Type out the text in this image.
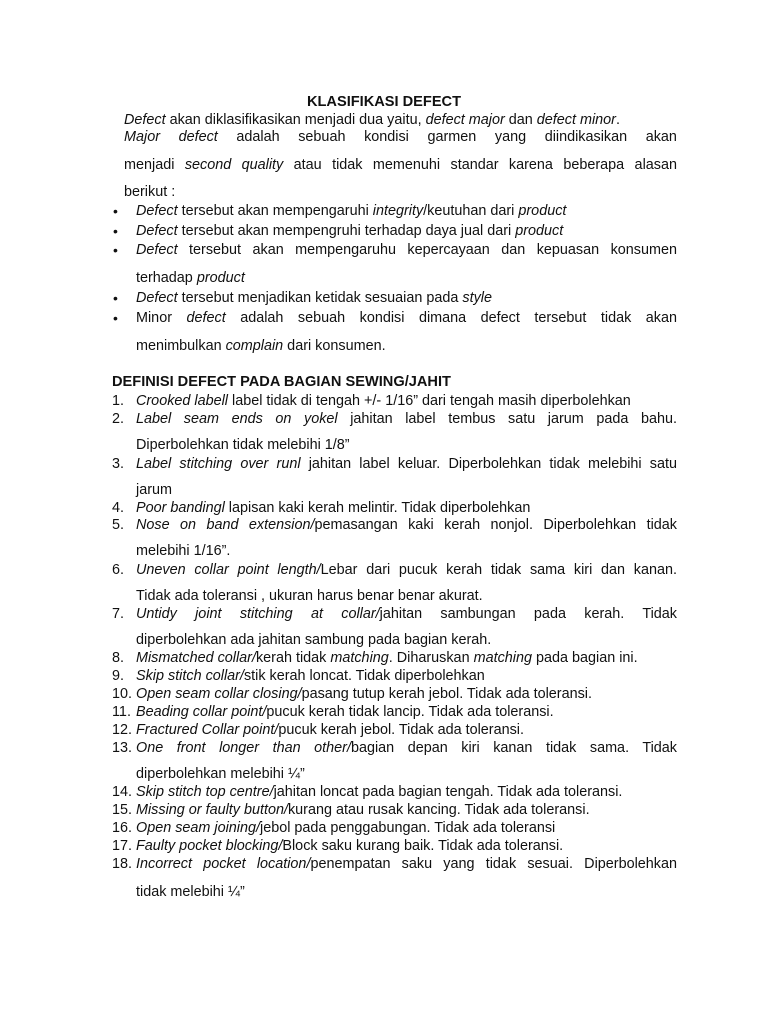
KLASIFIKASI DEFECT
Defect akan diklasifikasikan menjadi dua yaitu, defect major dan defect minor.
Major defect adalah sebuah kondisi garmen yang diindikasikan akan
menjadi second quality atau tidak memenuhi standar karena beberapa alasan
berikut :
•	Defect tersebut akan mempengaruhi integrity/keutuhan dari product
•	Defect tersebut akan mempengruhi terhadap daya jual dari product
•	Defect tersebut akan mempengaruhu kepercayaan dan kepuasan konsumen
terhadap product
•	Defect tersebut menjadikan ketidak sesuaian pada style
•	Minor defect adalah sebuah kondisi dimana defect tersebut tidak akan
menimbulkan complain dari konsumen.
DEFINISI DEFECT PADA BAGIAN SEWING/JAHIT
1. Crooked labell label tidak di tengah +/- 1/16” dari tengah masih diperbolehkan
2. Label seam ends on yokel jahitan label tembus satu jarum pada bahu.
Diperbolehkan tidak melebihi 1/8”
3. Label stitching over runl jahitan label keluar. Diperbolehkan tidak melebihi satu
jarum
4. Poor bandingl lapisan kaki kerah melintir. Tidak diperbolehkan
5. Nose on band extension/pemasangan kaki kerah nonjol. Diperbolehkan tidak
melebihi 1/16”.
6. Uneven collar point length/Lebar dari pucuk kerah tidak sama kiri dan kanan.
Tidak ada toleransi , ukuran harus benar benar akurat.
7. Untidy joint stitching at collar/jahitan sambungan pada kerah. Tidak
diperbolehkan ada jahitan sambung pada bagian kerah.
8. Mismatched collar/kerah tidak matching. Diharuskan matching pada bagian ini.
9. Skip stitch collar/stik kerah loncat. Tidak diperbolehkan
10. Open seam collar closing/pasang tutup kerah jebol. Tidak ada toleransi.
11. Beading collar point/pucuk kerah tidak lancip. Tidak ada toleransi.
12. Fractured Collar point/pucuk kerah jebol. Tidak ada toleransi.
13. One front longer than other/bagian depan kiri kanan tidak sama. Tidak
diperbolehkan melebihi ¼”
14. Skip stitch top centre/jahitan loncat pada bagian tengah. Tidak ada toleransi.
15. Missing or faulty button/kurang atau rusak kancing. Tidak ada toleransi.
16. Open seam joining/jebol pada penggabungan. Tidak ada toleransi
17. Faulty pocket blocking/Block saku kurang baik. Tidak ada toleransi.
18. Incorrect pocket location/penempatan saku yang tidak sesuai. Diperbolehkan
tidak melebihi ¼”
